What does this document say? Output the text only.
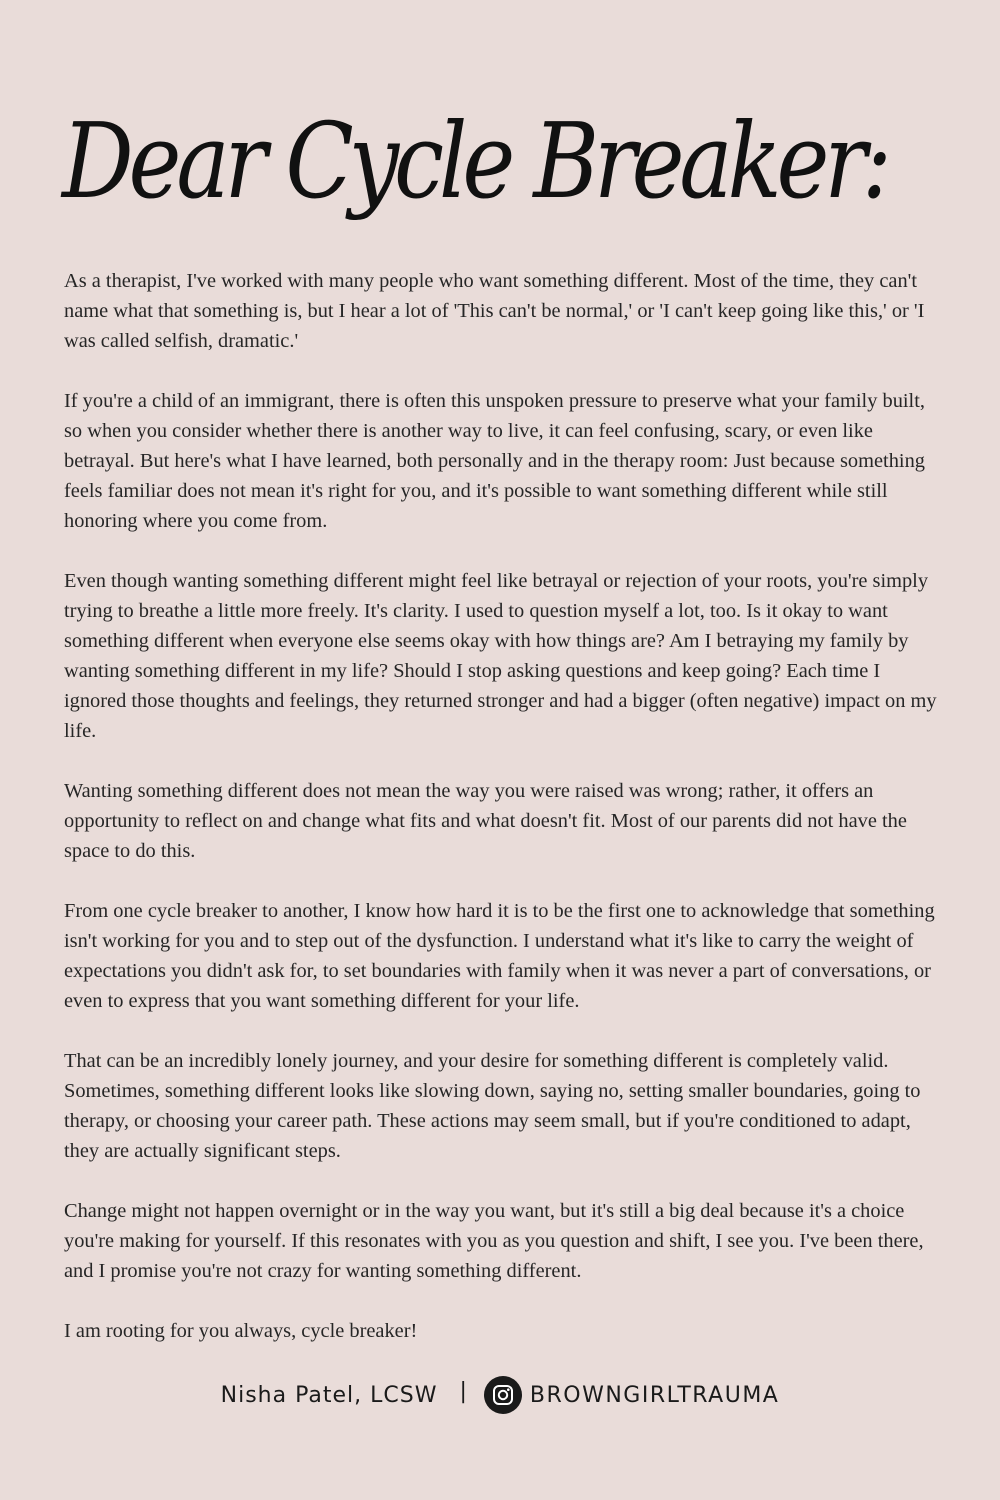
Dear Cycle Breaker:

As a therapist, I've worked with many people who want something different. Most of the time, they can't name what that something is, but I hear a lot of 'This can't be normal,' or 'I can't keep going like this,' or 'I was called selfish, dramatic.'

If you're a child of an immigrant, there is often this unspoken pressure to preserve what your family built, so when you consider whether there is another way to live, it can feel confusing, scary, or even like betrayal. But here's what I have learned, both personally and in the therapy room: Just because something feels familiar does not mean it's right for you, and it's possible to want something different while still honoring where you come from.

Even though wanting something different might feel like betrayal or rejection of your roots, you're simply trying to breathe a little more freely. It's clarity. I used to question myself a lot, too. Is it okay to want something different when everyone else seems okay with how things are? Am I betraying my family by wanting something different in my life? Should I stop asking questions and keep going? Each time I ignored those thoughts and feelings, they returned stronger and had a bigger (often negative) impact on my life.

Wanting something different does not mean the way you were raised was wrong; rather, it offers an opportunity to reflect on and change what fits and what doesn't fit. Most of our parents did not have the space to do this.

From one cycle breaker to another, I know how hard it is to be the first one to acknowledge that something isn't working for you and to step out of the dysfunction. I understand what it's like to carry the weight of expectations you didn't ask for, to set boundaries with family when it was never a part of conversations, or even to express that you want something different for your life.

That can be an incredibly lonely journey, and your desire for something different is completely valid. Sometimes, something different looks like slowing down, saying no, setting smaller boundaries, going to therapy, or choosing your career path. These actions may seem small, but if you're conditioned to adapt, they are actually significant steps.

Change might not happen overnight or in the way you want, but it's still a big deal because it's a choice you're making for yourself. If this resonates with you as you question and shift, I see you. I've been there, and I promise you're not crazy for wanting something different.

I am rooting for you always, cycle breaker!

Nisha Patel, LCSW |	BROWNGIRLTRAUMA
